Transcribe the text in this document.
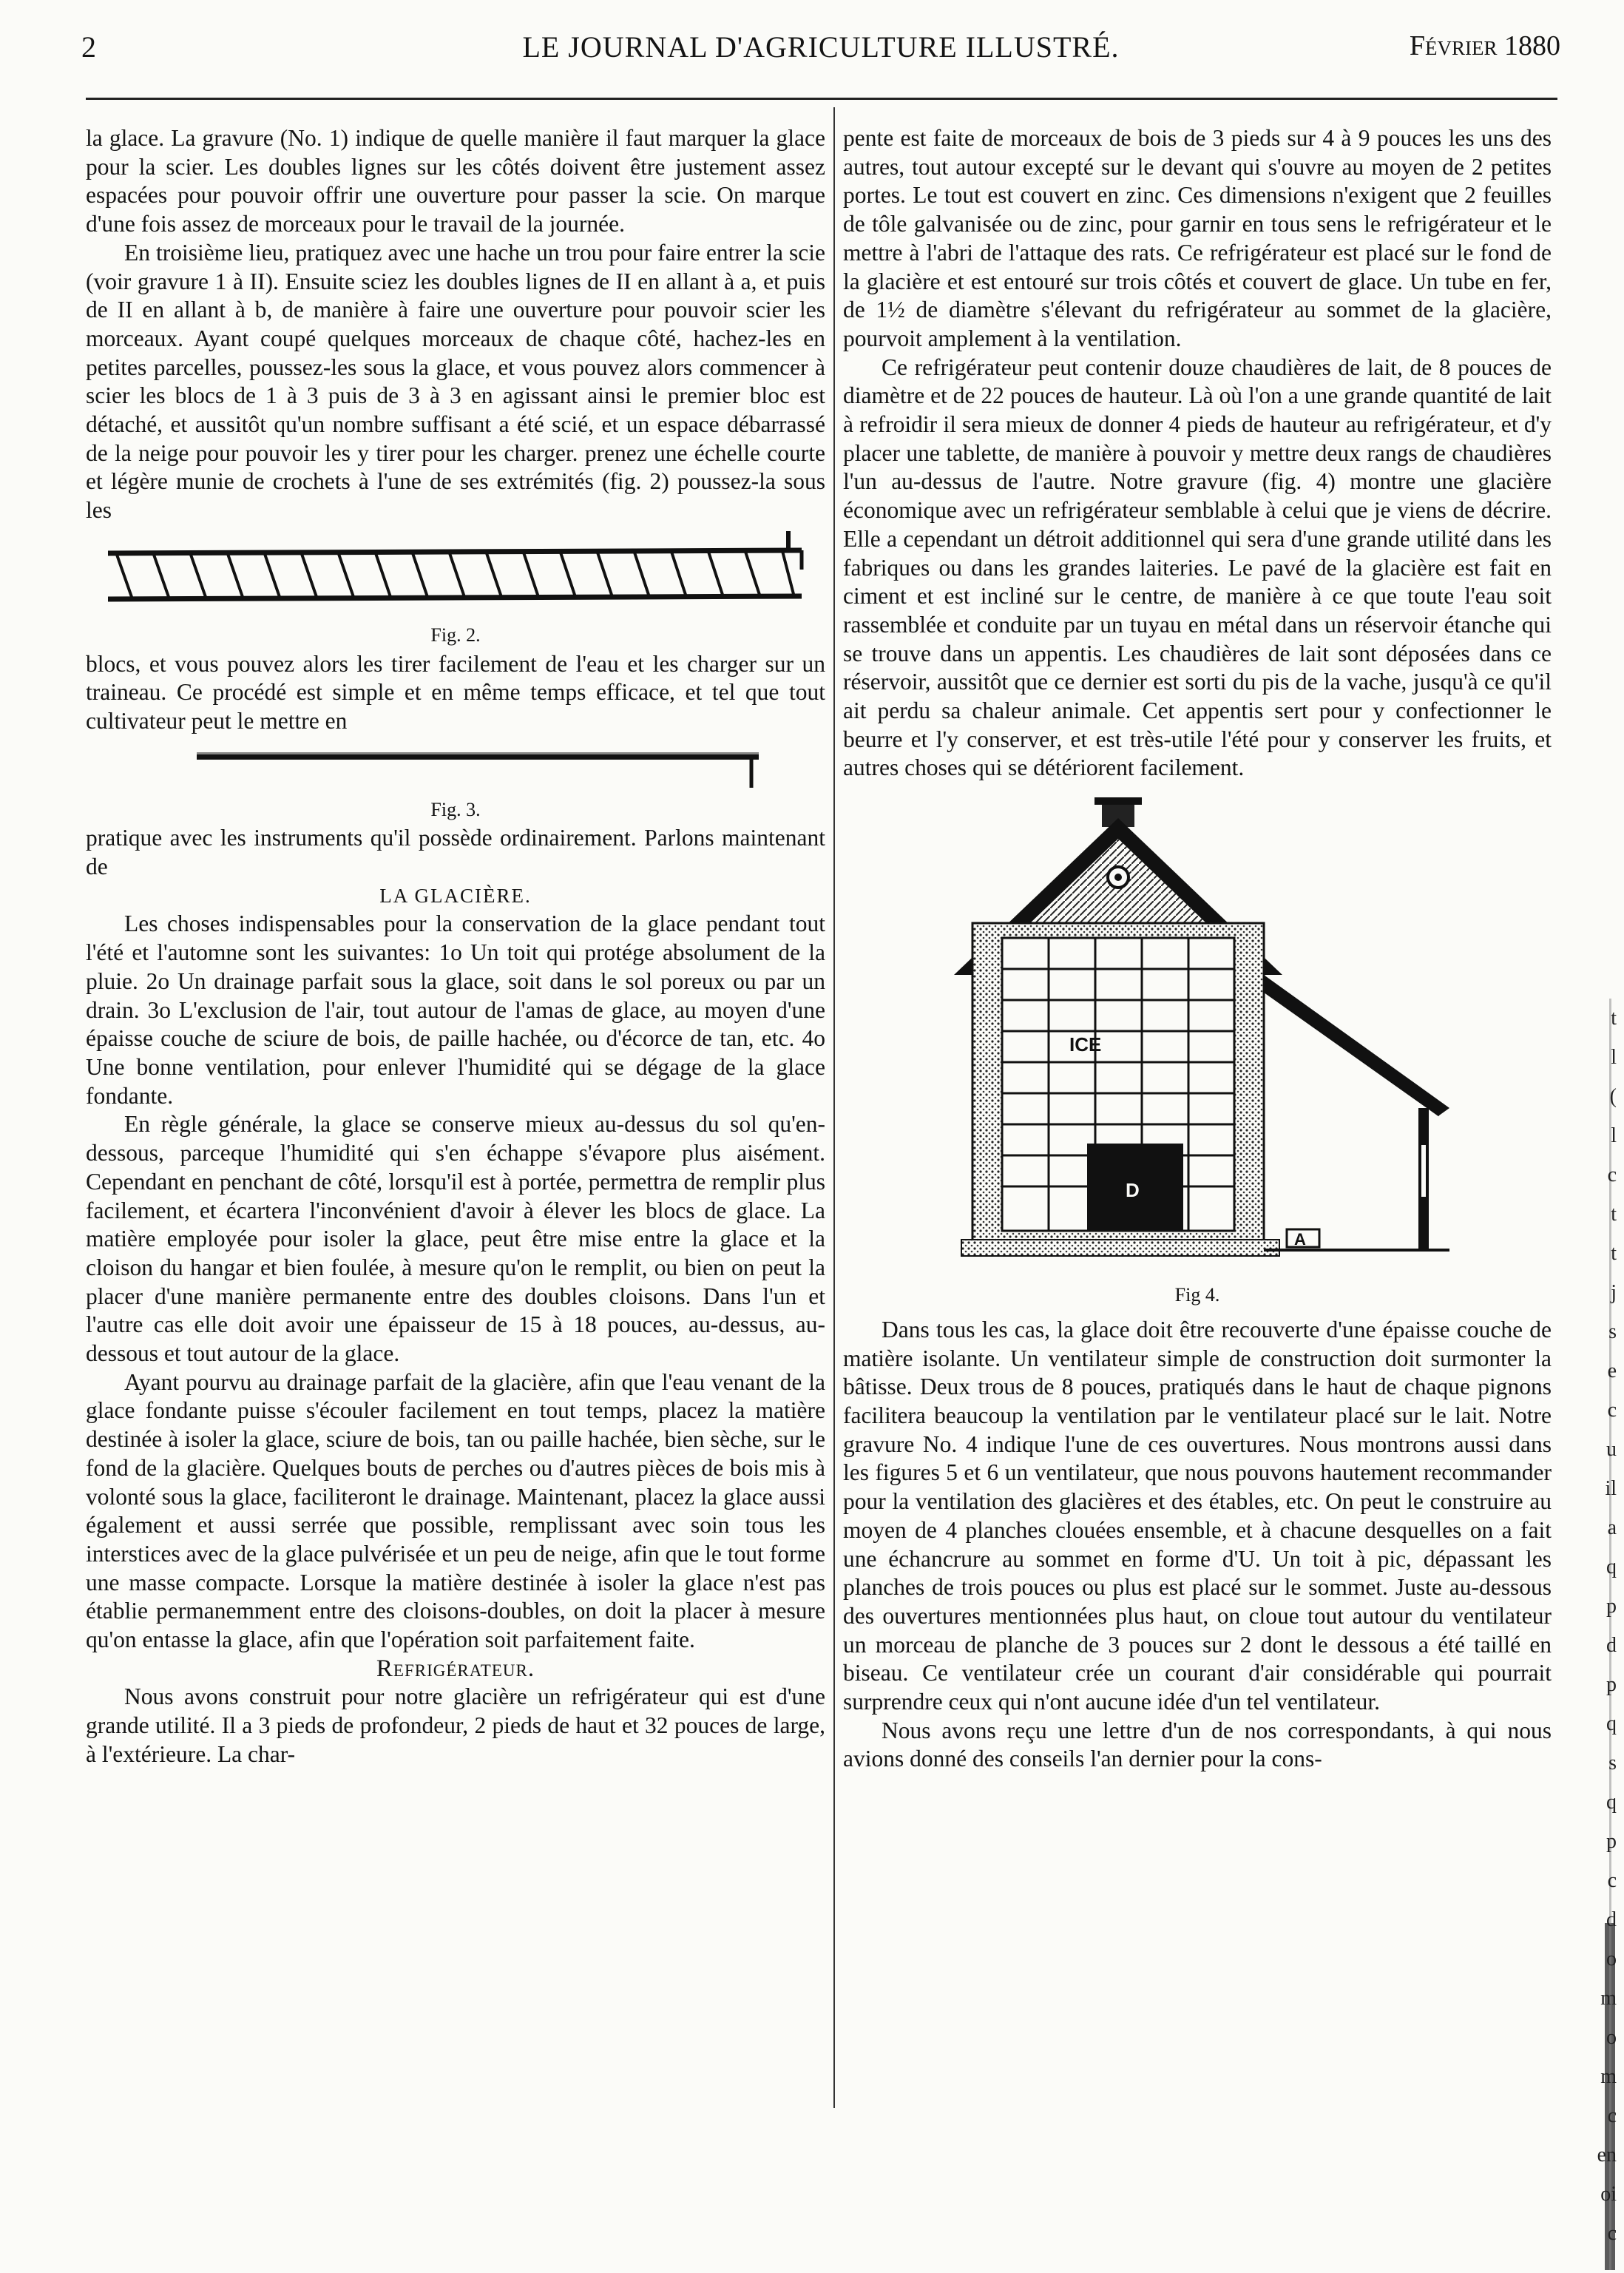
2	LE JOURNAL D'AGRICULTURE ILLUSTRÉ.	Février 1880

la glace. La gravure (No. 1) indique de quelle manière il faut marquer la glace pour la scier. Les doubles lignes sur les côtés doivent être justement assez espacées pour pouvoir offrir une ouverture pour passer la scie. On marque d'une fois assez de morceaux pour le travail de la journée.

En troisième lieu, pratiquez avec une hache un trou pour faire entrer la scie (voir gravure 1 à II). Ensuite sciez les doubles lignes de II en allant à a, et puis de II en allant à b, de manière à faire une ouverture pour pouvoir scier les morceaux. Ayant coupé quelques morceaux de chaque côté, hachez-les en petites parcelles, poussez-les sous la glace, et vous pouvez alors commencer à scier les blocs de 1 à 3 puis de 3 à 3 en agissant ainsi le premier bloc est détaché, et aussitôt qu'un nombre suffisant a été scié, et un espace débarrassé de la neige pour pouvoir les y tirer pour les charger. prenez une échelle courte et légère munie de crochets à l'une de ses extrémités (fig. 2) poussez-la sous les

Fig. 2.

blocs, et vous pouvez alors les tirer facilement de l'eau et les charger sur un traineau. Ce procédé est simple et en même temps efficace, et tel que tout cultivateur peut le mettre en

Fig. 3.

pratique avec les instruments qu'il possède ordinairement. Parlons maintenant de

LA GLACIÈRE.

Les choses indispensables pour la conservation de la glace pendant tout l'été et l'automne sont les suivantes: 1o Un toit qui protége absolument de la pluie. 2o Un drainage parfait sous la glace, soit dans le sol poreux ou par un drain. 3o L'exclusion de l'air, tout autour de l'amas de glace, au moyen d'une épaisse couche de sciure de bois, de paille hachée, ou d'écorce de tan, etc. 4o Une bonne ventilation, pour enlever l'humidité qui se dégage de la glace fondante.

En règle générale, la glace se conserve mieux au-dessus du sol qu'en-dessous, parceque l'humidité qui s'en échappe s'évapore plus aisément. Cependant en penchant de côté, lorsqu'il est à portée, permettra de remplir plus facilement, et écartera l'inconvénient d'avoir à élever les blocs de glace. La matière employée pour isoler la glace, peut être mise entre la glace et la cloison du hangar et bien foulée, à mesure qu'on le remplit, ou bien on peut la placer d'une manière permanente entre des doubles cloisons. Dans l'un et l'autre cas elle doit avoir une épaisseur de 15 à 18 pouces, au-dessus, au-dessous et tout autour de la glace.

Ayant pourvu au drainage parfait de la glacière, afin que l'eau venant de la glace fondante puisse s'écouler facilement en tout temps, placez la matière destinée à isoler la glace, sciure de bois, tan ou paille hachée, bien sèche, sur le fond de la glacière. Quelques bouts de perches ou d'autres pièces de bois mis à volonté sous la glace, faciliteront le drainage. Maintenant, placez la glace aussi également et aussi serrée que possible, remplissant avec soin tous les interstices avec de la glace pulvérisée et un peu de neige, afin que le tout forme une masse compacte. Lorsque la matière destinée à isoler la glace n'est pas établie permanemment entre des cloisons-doubles, on doit la placer à mesure qu'on entasse la glace, afin que l'opération soit parfaitement faite.

Refrigérateur.

Nous avons construit pour notre glacière un refrigérateur qui est d'une grande utilité. Il a 3 pieds de profondeur, 2 pieds de haut et 32 pouces de large, à l'extérieure. La char-

pente est faite de morceaux de bois de 3 pieds sur 4 à 9 pouces les uns des autres, tout autour excepté sur le devant qui s'ouvre au moyen de 2 petites portes. Le tout est couvert en zinc. Ces dimensions n'exigent que 2 feuilles de tôle galvanisée ou de zinc, pour garnir en tous sens le refrigérateur et le mettre à l'abri de l'attaque des rats. Ce refrigérateur est placé sur le fond de la glacière et est entouré sur trois côtés et couvert de glace. Un tube en fer, de 1½ de diamètre s'élevant du refrigérateur au sommet de la glacière, pourvoit amplement à la ventilation.

Ce refrigérateur peut contenir douze chaudières de lait, de 8 pouces de diamètre et de 22 pouces de hauteur. Là où l'on a une grande quantité de lait à refroidir il sera mieux de donner 4 pieds de hauteur au refrigérateur, et d'y placer une tablette, de manière à pouvoir y mettre deux rangs de chaudières l'un au-dessus de l'autre. Notre gravure (fig. 4) montre une glacière économique avec un refrigérateur semblable à celui que je viens de décrire. Elle a cependant un détroit additionnel qui sera d'une grande utilité dans les fabriques ou dans les grandes laiteries. Le pavé de la glacière est fait en ciment et est incliné sur le centre, de manière à ce que toute l'eau soit rassemblée et conduite par un tuyau en métal dans un réservoir étanche qui se trouve dans un appentis. Les chaudières de lait sont déposées dans ce réservoir, aussitôt que ce dernier est sorti du pis de la vache, jusqu'à ce qu'il ait perdu sa chaleur animale. Cet appentis sert pour y confectionner le beurre et l'y conserver, et est très-utile l'été pour y conserver les fruits, et autres choses qui se détériorent facilement.

ICE
D
A

Fig 4.

Dans tous les cas, la glace doit être recouverte d'une épaisse couche de matière isolante. Un ventilateur simple de construction doit surmonter la bâtisse. Deux trous de 8 pouces, pratiqués dans le haut de chaque pignons facilitera beaucoup la ventilation par le ventilateur placé sur le lait. Notre gravure No. 4 indique l'une de ces ouvertures. Nous montrons aussi dans les figures 5 et 6 un ventilateur, que nous pouvons hautement recommander pour la ventilation des glacières et des étables, etc. On peut le construire au moyen de 4 planches clouées ensemble, et à chacune desquelles on a fait une échancrure au sommet en forme d'U. Un toit à pic, dépassant les planches de trois pouces ou plus est placé sur le sommet. Juste au-dessous des ouvertures mentionnées plus haut, on cloue tout autour du ventilateur un morceau de planche de 3 pouces sur 2 dont le dessous a été taillé en biseau. Ce ventilateur crée un courant d'air considérable qui pourrait surprendre ceux qui n'ont aucune idée d'un tel ventilateur.

Nous avons reçu une lettre d'un de nos correspondants, à qui nous avions donné des conseils l'an dernier pour la cons-

t
l
(
l
c
t
t
j
s
e
c
u
il
a
q
p
d
p
q
s
q
p
c
d
o
m
o
m
c
en
oi
c
